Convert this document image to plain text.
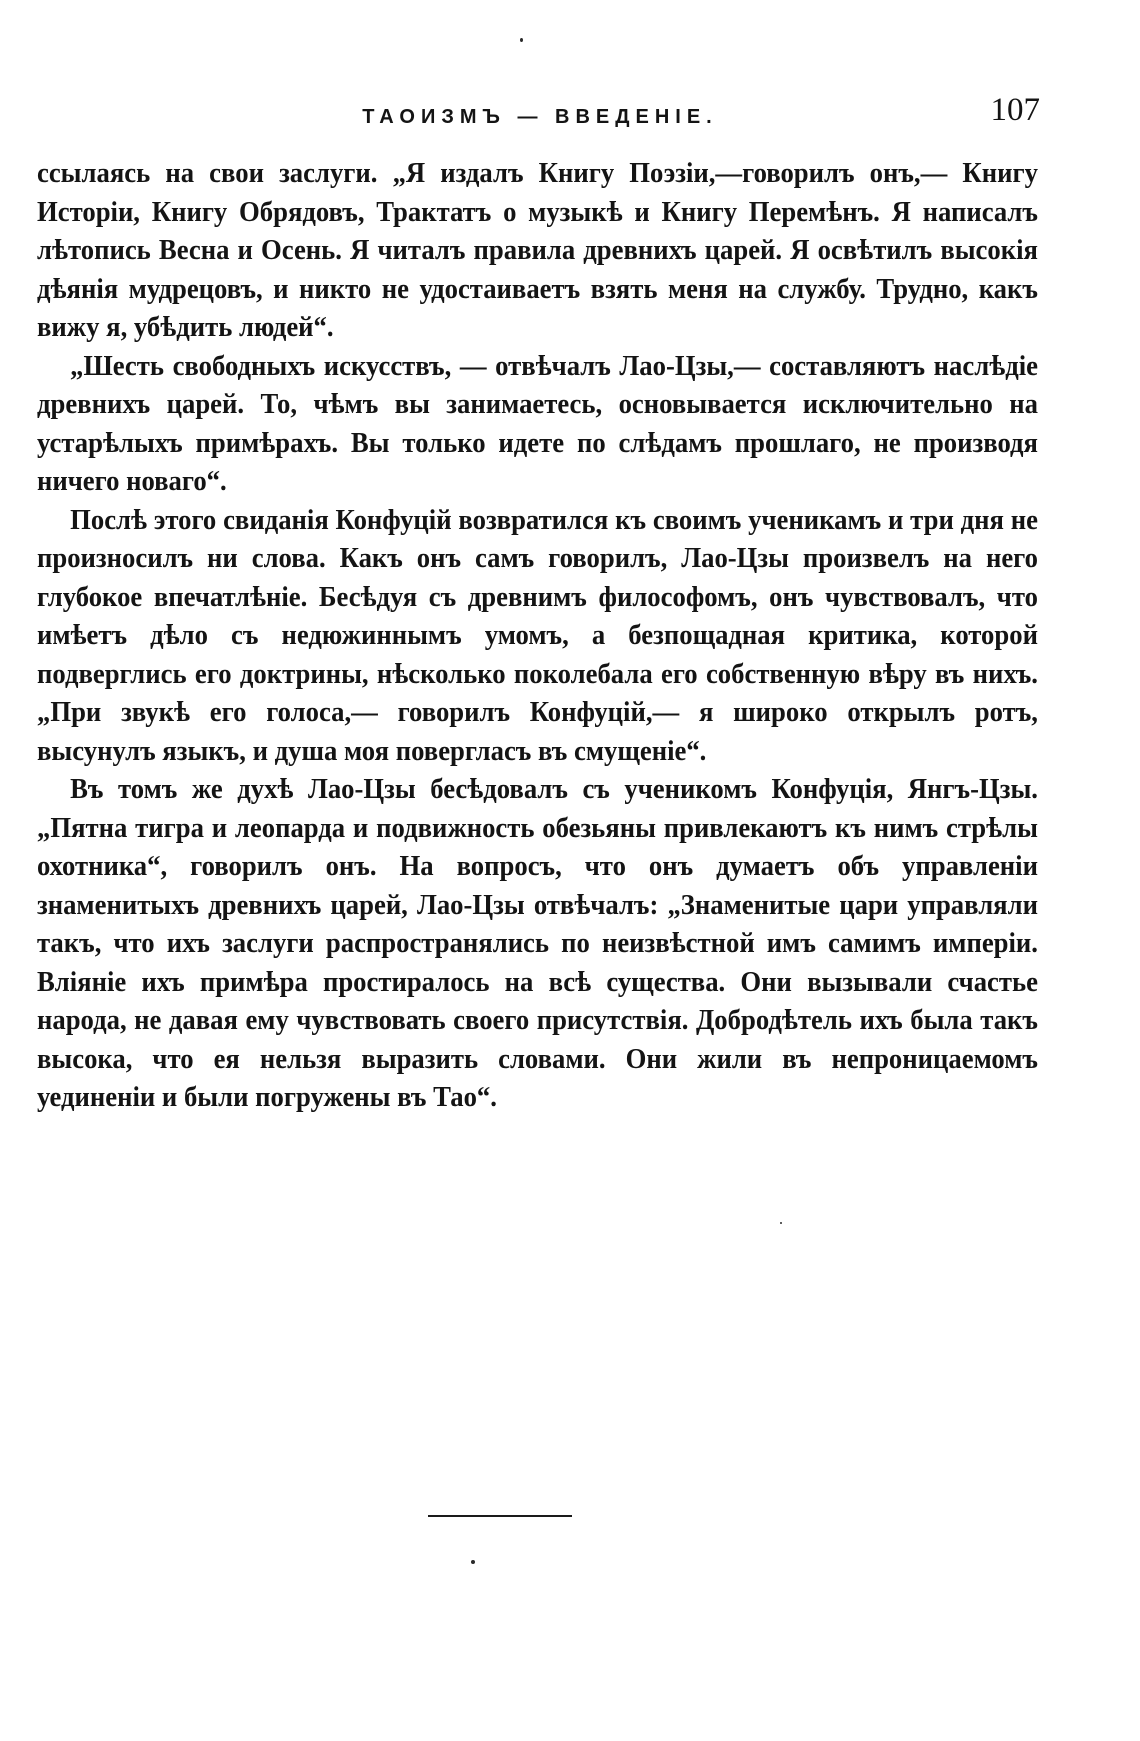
ТАОИЗМЪ — ВВЕДЕНІЕ.	107

ссылаясь на свои заслуги. „Я издалъ Книгу Поэзіи,—говорилъ онъ,— Книгу Исторіи, Книгу Обрядовъ, Трактатъ о музыкѣ и Книгу Перемѣнъ. Я написалъ лѣтопись Весна и Осень. Я читалъ правила древнихъ царей. Я освѣтилъ высокія дѣянія мудрецовъ, и никто не удостаиваетъ взять меня на службу. Трудно, какъ вижу я, убѣдить людей“.

„Шесть свободныхъ искусствъ, — отвѣчалъ Лао-Цзы,— составляютъ наслѣдіе древнихъ царей. То, чѣмъ вы занимаетесь, основывается исключительно на устарѣлыхъ примѣрахъ. Вы только идете по слѣдамъ прошлаго, не производя ничего новаго“.

Послѣ этого свиданія Конфуцій возвратился къ своимъ ученикамъ и три дня не произносилъ ни слова. Какъ онъ самъ говорилъ, Лао-Цзы произвелъ на него глубокое впечатлѣніе. Бесѣдуя съ древнимъ философомъ, онъ чувствовалъ, что имѣетъ дѣло съ недюжиннымъ умомъ, а безпощадная критика, которой подверглись его доктрины, нѣсколько поколебала его собственную вѣру въ нихъ. „При звукѣ его голоса,— говорилъ Конфуцій,— я широко открылъ ротъ, высунулъ языкъ, и душа моя повергласъ въ смущеніе“.

Въ томъ же духѣ Лао-Цзы бесѣдовалъ съ ученикомъ Конфуція, Янгъ-Цзы. „Пятна тигра и леопарда и подвижность обезьяны привлекаютъ къ нимъ стрѣлы охотника“, говорилъ онъ. На вопросъ, что онъ думаетъ объ управленіи знаменитыхъ древнихъ царей, Лао-Цзы отвѣчалъ: „Знаменитые цари управляли такъ, что ихъ заслуги распространялись по неизвѣстной имъ самимъ имперіи. Вліяніе ихъ примѣра простиралось на всѣ существа. Они вызывали счастье народа, не давая ему чувствовать своего присутствія. Добродѣтель ихъ была такъ высока, что ея нельзя выразить словами. Они жили въ непроницаемомъ уединеніи и были погружены въ Тао“.
